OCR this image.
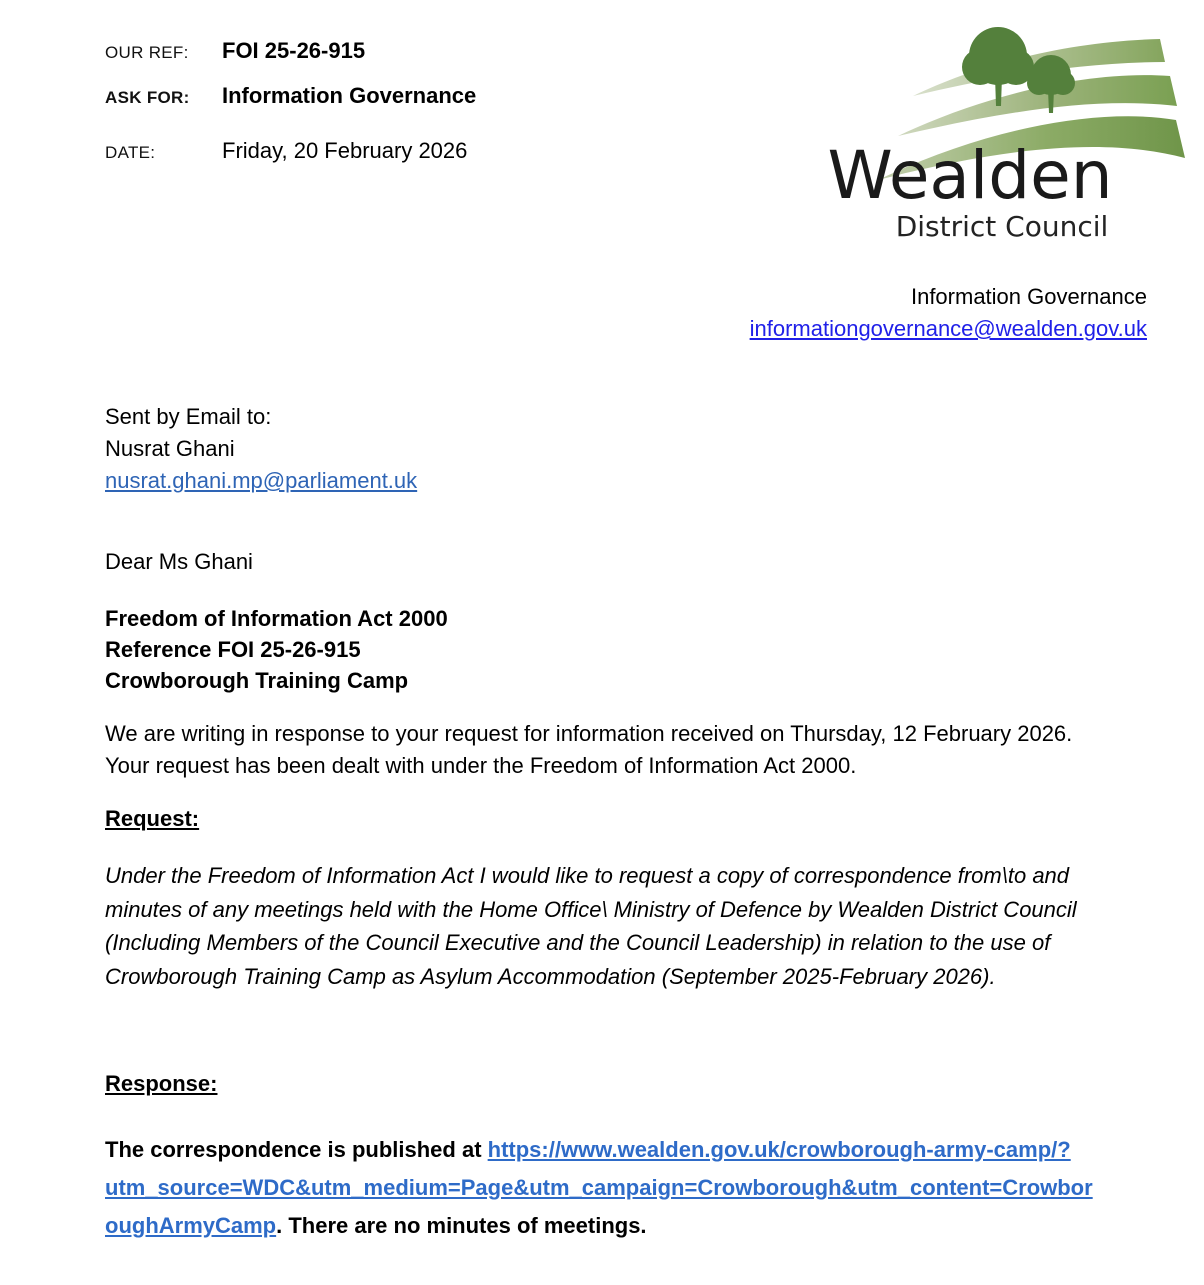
OUR REF:	FOI 25-26-915
ASK FOR:	Information Governance
DATE:	Friday, 20 February 2026	Wealden
District Council
Information Governance
informationgovernance@wealden.gov.uk
Sent by Email to:
Nusrat Ghani
nusrat.ghani.mp@parliament.uk
Dear Ms Ghani
Freedom of Information Act 2000
Reference FOI 25-26-915
Crowborough Training Camp

We are writing in response to your request for information received on Thursday, 12 February 2026.  Your request has been dealt with under the Freedom of Information Act 2000.

Request:

Under the Freedom of Information Act I would like to request a copy of correspondence from\to and minutes of any meetings held with the Home Office\ Ministry of Defence by Wealden District Council (Including Members of the Council Executive and the Council Leadership) in relation to the use of Crowborough Training Camp as Asylum Accommodation (September 2025-February 2026).

Response:

The correspondence is published at https://www.wealden.gov.uk/crowborough-army-camp/?utm_source=WDC&utm_medium=Page&utm_campaign=Crowborough&utm_content=CrowboroughArmyCamp. There are no minutes of meetings.
